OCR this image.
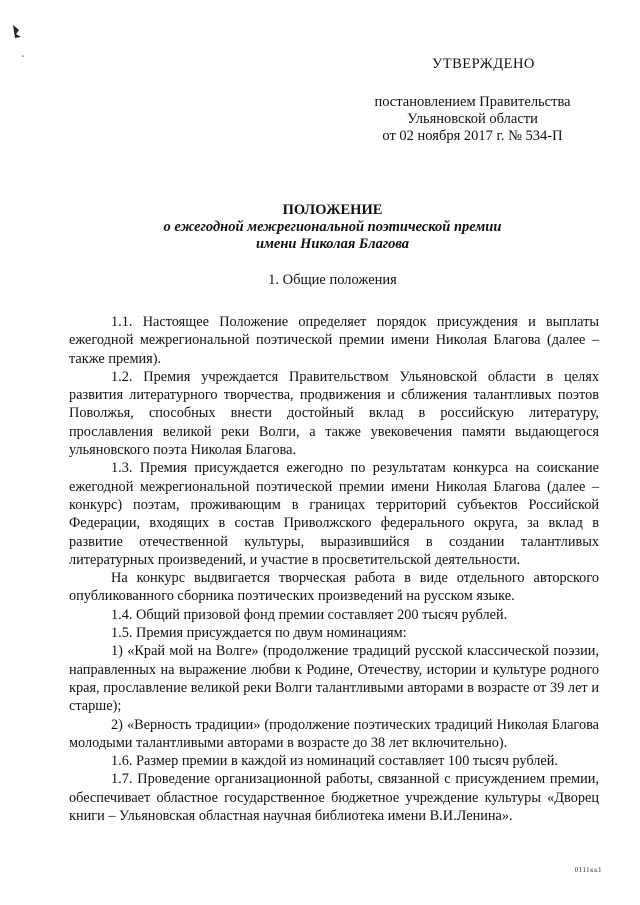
УТВЕРЖДЕНО
постановлением Правительства
Ульяновской области
от 02 ноября 2017 г. № 534-П
ПОЛОЖЕНИЕ
о ежегодной межрегиональной поэтической премии
имени Николая Благова
1. Общие положения

1.1. Настоящее Положение определяет порядок присуждения и выплаты ежегодной межрегиональной поэтической премии имени Николая Благова (далее – также премия).

1.2. Премия учреждается Правительством Ульяновской области в целях развития литературного творчества, продвижения и сближения талантливых поэтов Поволжья, способных внести достойный вклад в российскую литературу, прославления великой реки Волги, а также увековечения памяти выдающегося ульяновского поэта Николая Благова.

1.3. Премия присуждается ежегодно по результатам конкурса на соискание ежегодной межрегиональной поэтической премии имени Николая Благова (далее – конкурс) поэтам, проживающим в границах территорий субъектов Российской Федерации, входящих в состав Приволжского федерального округа, за вклад в развитие отечественной культуры, выразившийся в создании талантливых литературных произведений, и участие в просветительской деятельности.

На конкурс выдвигается творческая работа в виде отдельного авторского опубликованного сборника поэтических произведений на русском языке.

1.4. Общий призовой фонд премии составляет 200 тысяч рублей.

1.5. Премия присуждается по двум номинациям:

1) «Край мой на Волге» (продолжение традиций русской классической поэзии, направленных на выражение любви к Родине, Отечеству, истории и культуре родного края, прославление великой реки Волги талантливыми авторами в возрасте от 39 лет и старше);

2) «Верность традиции» (продолжение поэтических традиций Николая Благова молодыми талантливыми авторами в возрасте до 38 лет включительно).

1.6. Размер премии в каждой из номинаций составляет 100 тысяч рублей.

1.7. Проведение организационной работы, связанной с присуждением премии, обеспечивает областное государственное бюджетное учреждение культуры «Дворец книги – Ульяновская областная научная библиотека имени В.И.Ленина».

0111кк1
